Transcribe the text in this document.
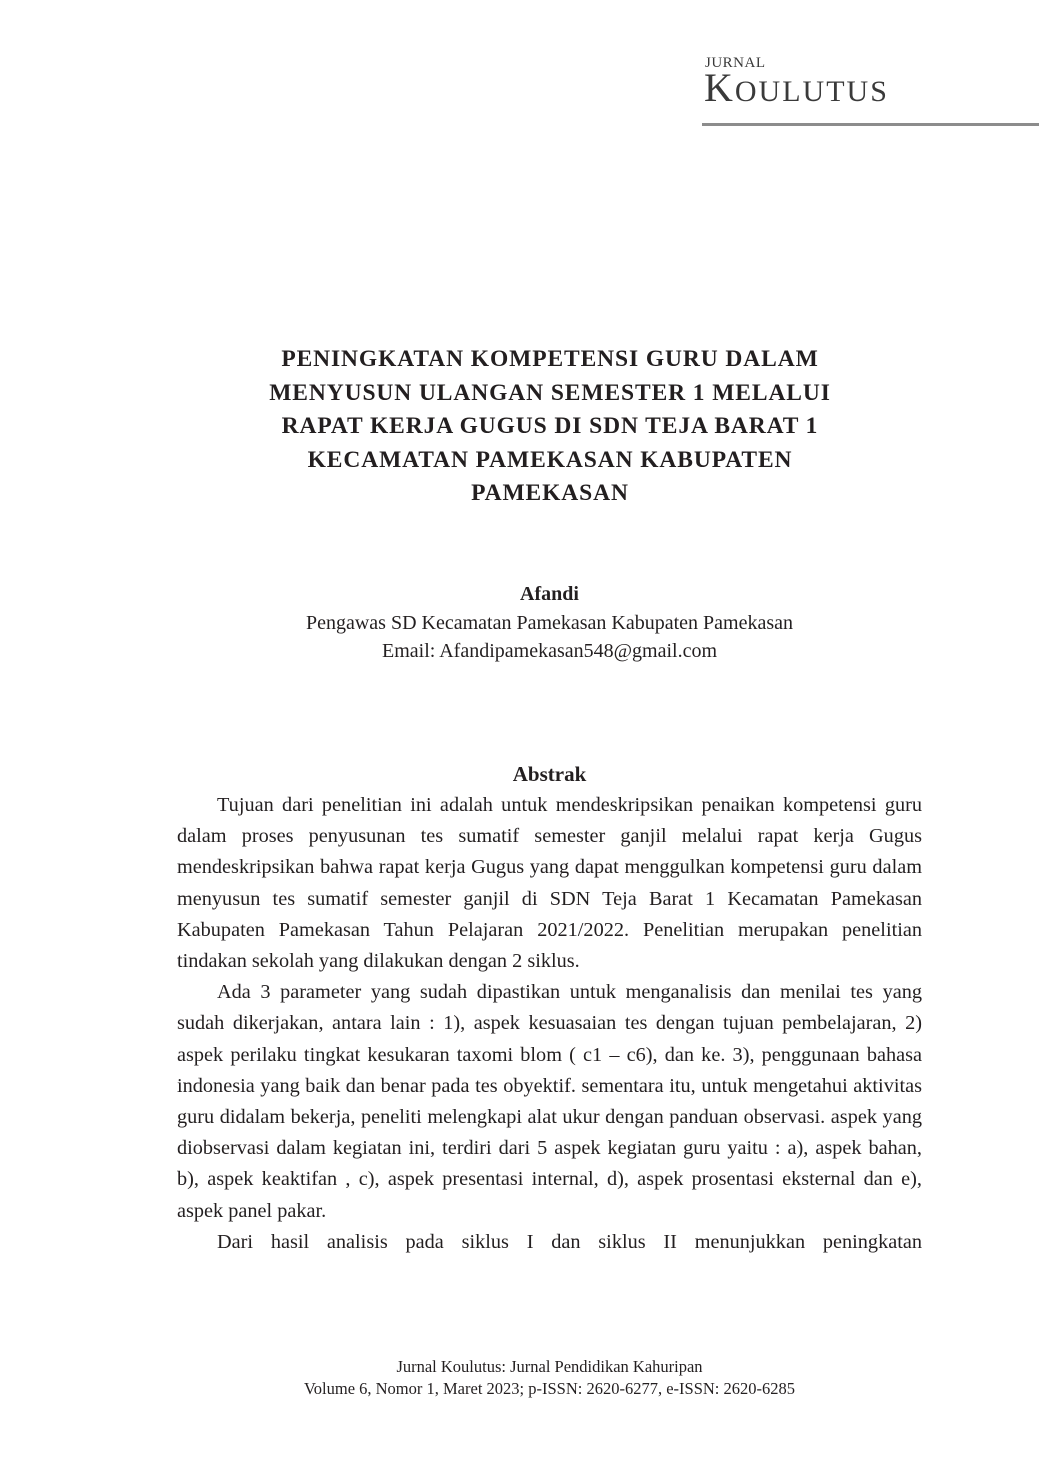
JURNAL
KOULUTUS
PENINGKATAN KOMPETENSI GURU DALAM
MENYUSUN ULANGAN SEMESTER 1 MELALUI
RAPAT KERJA GUGUS DI SDN TEJA BARAT 1
KECAMATAN PAMEKASAN KABUPATEN
PAMEKASAN
Afandi
Pengawas SD Kecamatan Pamekasan Kabupaten Pamekasan
Email: Afandipamekasan548@gmail.com
Abstrak

Tujuan dari penelitian ini adalah untuk mendeskripsikan penaikan kompetensi guru dalam proses penyusunan tes sumatif semester ganjil melalui rapat kerja Gugus mendeskripsikan bahwa rapat kerja Gugus yang dapat menggulkan kompetensi guru dalam menyusun tes sumatif semester ganjil di SDN Teja Barat 1 Kecamatan Pamekasan Kabupaten Pamekasan Tahun Pelajaran 2021/2022. Penelitian merupakan penelitian tindakan sekolah yang dilakukan dengan 2 siklus.

Ada 3 parameter yang sudah dipastikan untuk menganalisis dan menilai tes yang sudah dikerjakan, antara lain : 1), aspek kesuasaian tes dengan tujuan pembelajaran, 2) aspek perilaku tingkat kesukaran taxomi blom ( c1 – c6), dan ke. 3), penggunaan bahasa indonesia yang baik dan benar pada tes obyektif. sementara itu, untuk mengetahui aktivitas guru didalam bekerja, peneliti melengkapi alat ukur dengan panduan observasi. aspek yang diobservasi dalam kegiatan ini, terdiri dari 5 aspek kegiatan guru yaitu : a), aspek bahan, b), aspek keaktifan , c), aspek presentasi internal, d), aspek prosentasi eksternal dan e), aspek panel pakar.

Dari hasil analisis pada siklus I dan siklus II menunjukkan peningkatan

Jurnal Koulutus: Jurnal Pendidikan Kahuripan
Volume 6, Nomor 1, Maret 2023; p-ISSN: 2620-6277, e-ISSN: 2620-6285
